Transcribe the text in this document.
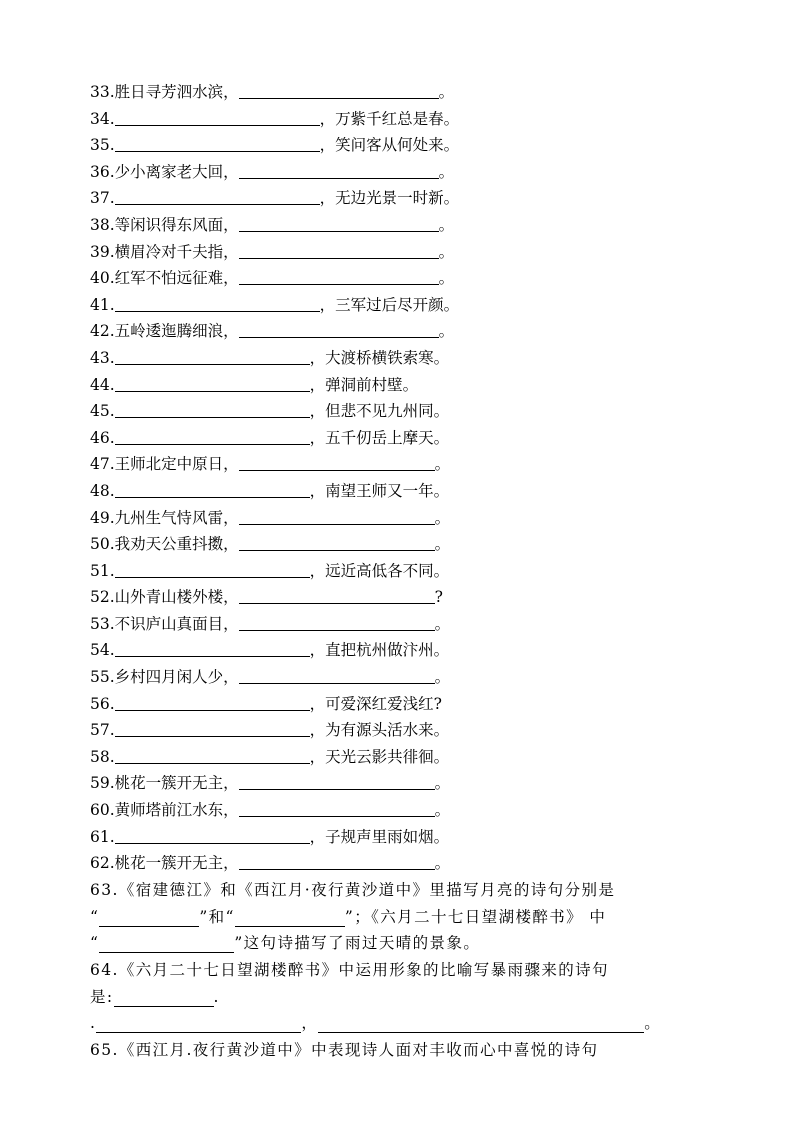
33.胜日寻芳泗水滨，	。
34.	，万紫千红总是春。
35.	，笑问客从何处来。
36.少小离家老大回，	。
37.	，无边光景一时新。
38.等闲识得东风面，	。
39.横眉冷对千夫指，	。
40.红军不怕远征难，	。
41.	，三军过后尽开颜。
42.五岭逶迤腾细浪，	。
43.	，大渡桥横铁索寒。
44.	，弹洞前村壁。
45.	，但悲不见九州同。
46.	，五千仞岳上摩天。
47.王师北定中原日，	。
48.	，南望王师又一年。
49.九州生气恃风雷，	。
50.我劝天公重抖擞，	。
51.	，远近高低各不同。
52.山外青山楼外楼，	?
53.不识庐山真面目，	。
54.	，直把杭州做汴州。
55.乡村四月闲人少，	。
56.	，可爱深红爱浅红?
57.	，为有源头活水来。
58.	，天光云影共徘徊。
59.桃花一簇开无主，	。
60.黄师塔前江水东，	。
61.	，子规声里雨如烟。
62.桃花一簇开无主，	。
63.《宿建德江》和《西江月·夜行黄沙道中》里描写月亮的诗句分别是
“	”和“	”；《六月二十七日望湖楼醉书》 中
“	”这句诗描写了雨过天晴的景象。
64.《六月二十七日望湖楼醉书》中运用形象的比喻写暴雨骤来的诗句
是:	.
.	，	。
65.《西江月.夜行黄沙道中》中表现诗人面对丰收而心中喜悦的诗句
